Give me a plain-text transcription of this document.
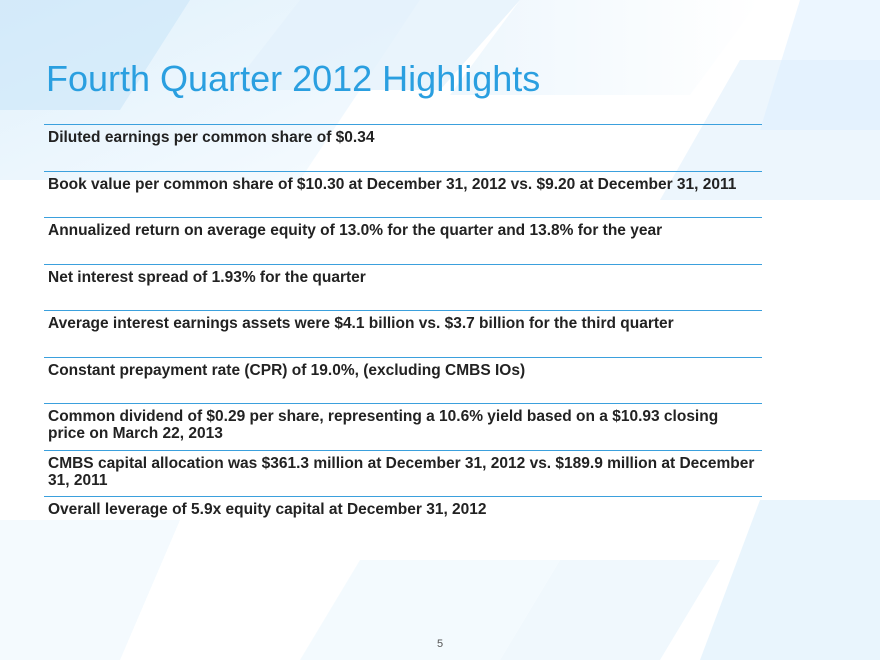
Fourth Quarter 2012 Highlights
Diluted earnings per common share of $0.34
Book value per common share of $10.30 at December 31, 2012 vs. $9.20 at December 31, 2011
Annualized return on average equity of 13.0% for the quarter and 13.8% for the year
Net interest spread of 1.93% for the quarter
Average interest earnings assets were $4.1 billion vs. $3.7 billion for the third quarter
Constant prepayment rate (CPR) of 19.0%, (excluding CMBS IOs)
Common dividend of $0.29 per share, representing a 10.6% yield based on a $10.93 closing price on March 22, 2013
CMBS capital allocation was $361.3 million at December 31, 2012 vs. $189.9 million at December 31, 2011
Overall leverage of 5.9x equity capital at December 31, 2012
5
